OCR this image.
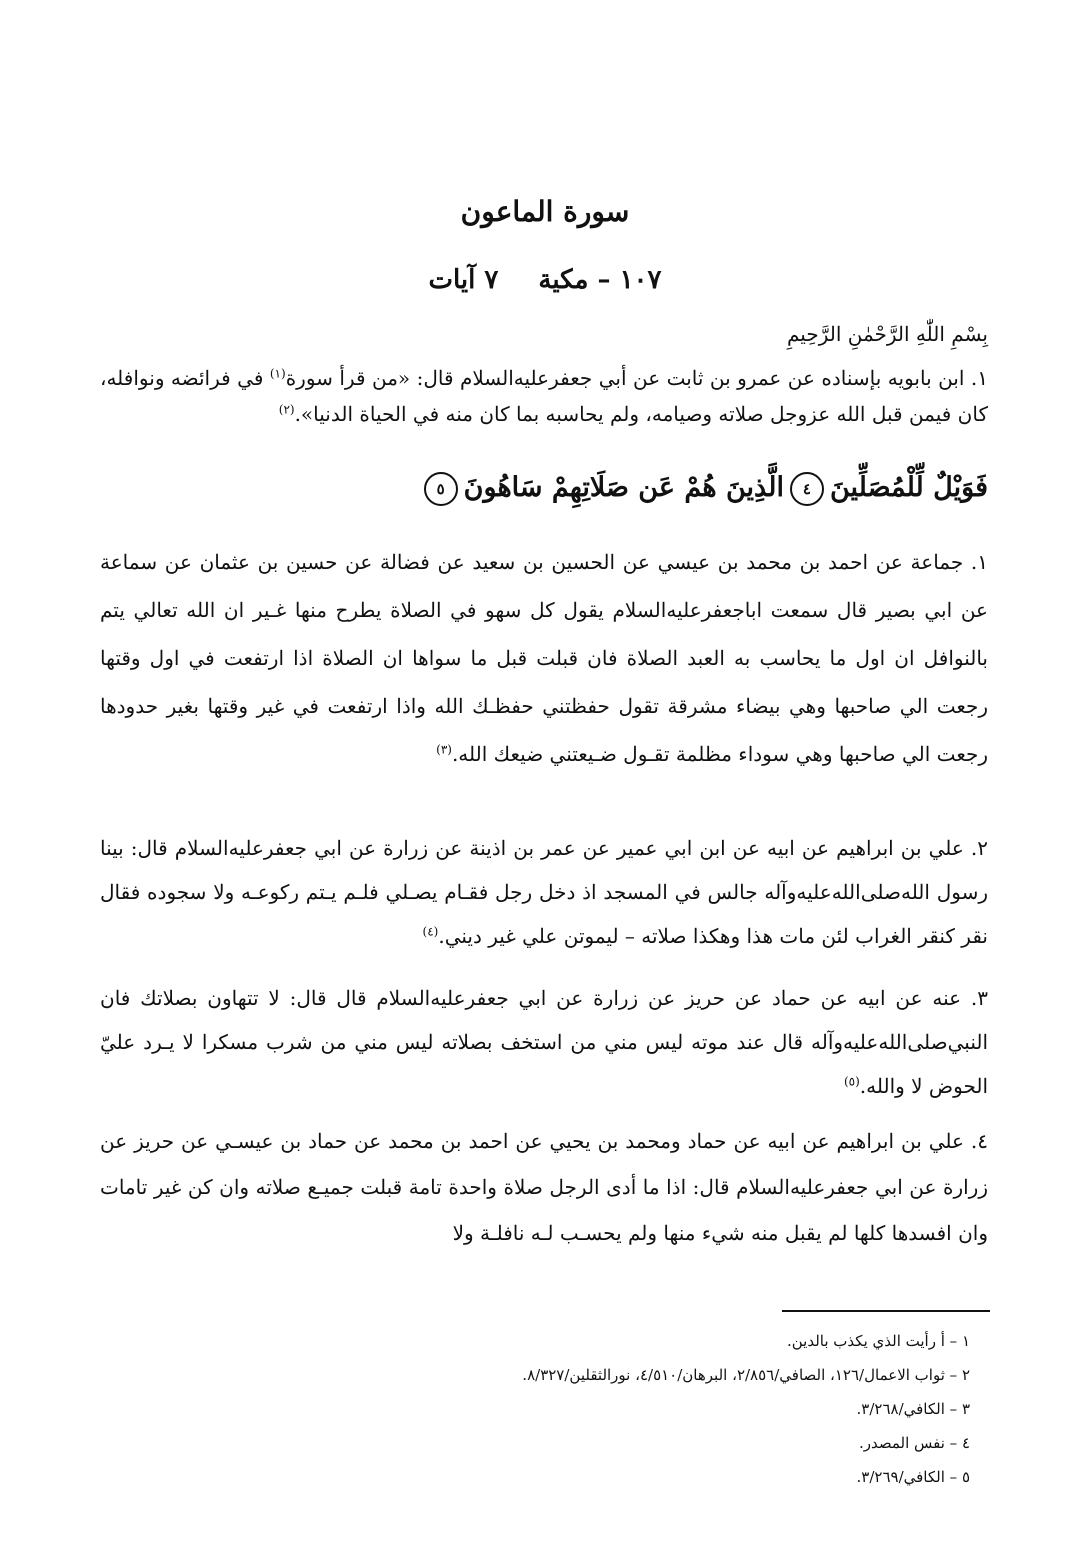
سورة الماعون
١٠٧ – مكية٧ آيات
بِسْمِ اللّٰهِ الرَّحْمٰنِ الرَّحِيمِ
١. ابن بابويه بإسناده عن عمرو بن ثابت عن أبي جعفر‌عليه‌السلام قال: «من قرأ سورة$^{(١)}$ في فرائضه ونوافله، كان فيمن قبل الله عزوجل صلاته وصيامه، ولم يحاسبه بما كان منه في الحياة الدنيا».$^{(٢)}$
فَوَيْلٌ لِّلْمُصَلِّينَ٤الَّذِينَ هُمْ عَن صَلَاتِهِمْ سَاهُونَ٥
١. جماعة عن احمد بن محمد بن عيسي عن الحسين بن سعيد عن فضالة عن حسين بن عثمان عن سماعة عن ابي بصير قال سمعت اباجعفر‌عليه‌السلام يقول كل سهو في الصلاة يطرح منها غـير ان الله تعالي يتم بالنوافل ان اول ما يحاسب به العبد الصلاة فان قبلت قبل ما سواها ان الصلاة اذا ارتفعت في اول وقتها رجعت الي صاحبها وهي بيضاء مشرقة تقول حفظتني حفظـك الله واذا ارتفعت في غير وقتها بغير حدودها رجعت الي صاحبها وهي سوداء مظلمة تقـول ضـيعتني ضيعك الله.$^{(٣)}$
٢. علي بن ابراهيم عن ابيه عن ابن ابي عمير عن عمر بن اذينة عن زرارة عن ابي جعفر‌عليه‌السلام قال: بينا رسول الله‌صلى‌الله‌عليه‌وآله جالس في المسجد اذ دخل رجل فقـام يصـلي فلـم يـتم ركوعـه ولا سجوده فقال نقر كنقر الغراب لئن مات هذا وهكذا صلاته – ليموتن علي غير ديني.$^{(٤)}$
٣. عنه عن ابيه عن حماد عن حريز عن زرارة عن ابي جعفر‌عليه‌السلام قال قال: لا تتهاون بصلاتك فان النبي‌صلى‌الله‌عليه‌وآله قال عند موته ليس مني من استخف بصلاته ليس مني من شرب مسكرا لا يـرد عليّ الحوض لا والله.$^{(٥)}$
٤. علي بن ابراهيم عن ابيه عن حماد ومحمد بن يحيي عن احمد بن محمد عن حماد بن عيسـي عن حريز عن زرارة عن ابي جعفر‌عليه‌السلام قال: اذا ما أدى الرجل صلاة واحدة تامة قبلت جميـع صلاته وان كن غير تامات وان افسدها كلها لم يقبل منه شيء منها ولم يحسـب لـه نافلـة ولا
١ – أ رأيت الذي يكذب بالدين.
٢ – ثواب الاعمال/١٢٦، الصافي/٢/٨٥٦، البرهان/٤/٥١٠، نورالثقلين/٨/٣٢٧.
٣ – الكافي/٣/٢٦٨.
٤ – نفس المصدر.
٥ – الكافي/٣/٢٦٩.
